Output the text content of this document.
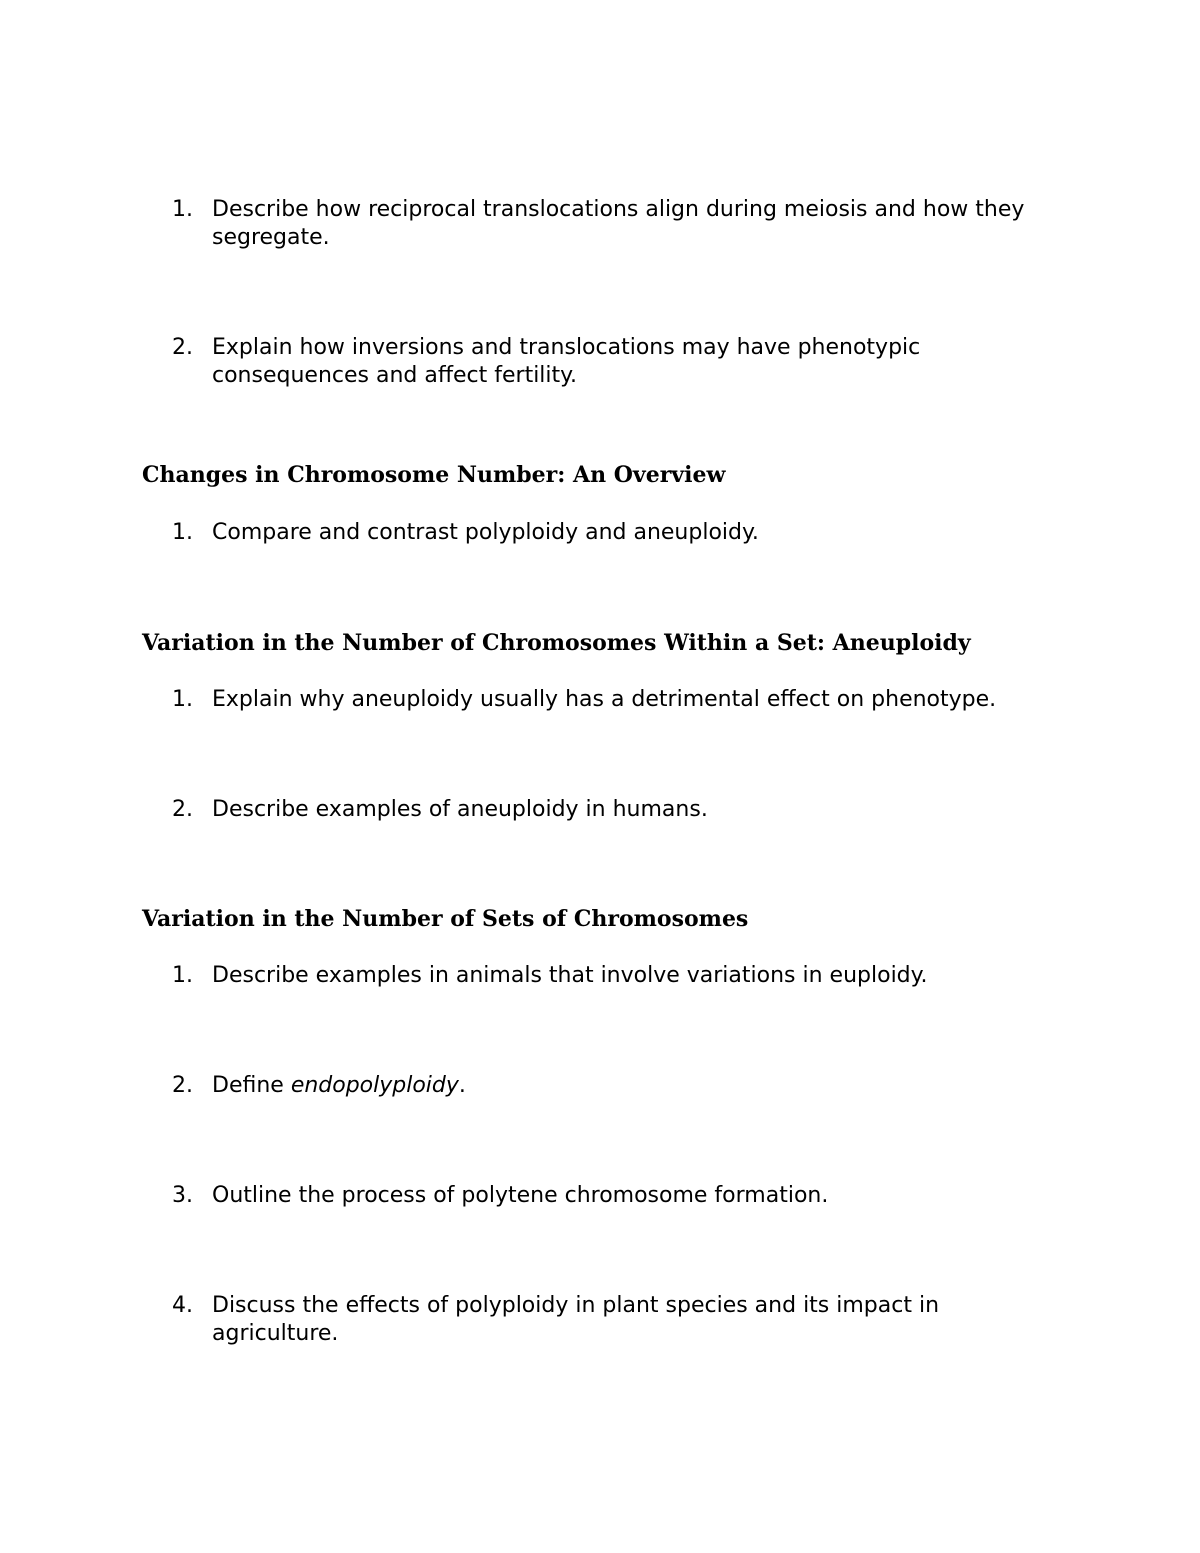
1. Describe how reciprocal translocations align during meiosis and how they segregate.
2. Explain how inversions and translocations may have phenotypic consequences and affect fertility.
Changes in Chromosome Number: An Overview
1. Compare and contrast polyploidy and aneuploidy.
Variation in the Number of Chromosomes Within a Set: Aneuploidy
1. Explain why aneuploidy usually has a detrimental effect on phenotype.
2. Describe examples of aneuploidy in humans.
Variation in the Number of Sets of Chromosomes
1. Describe examples in animals that involve variations in euploidy.
2. Define endopolyploidy.
3. Outline the process of polytene chromosome formation.
4. Discuss the effects of polyploidy in plant species and its impact in agriculture.
